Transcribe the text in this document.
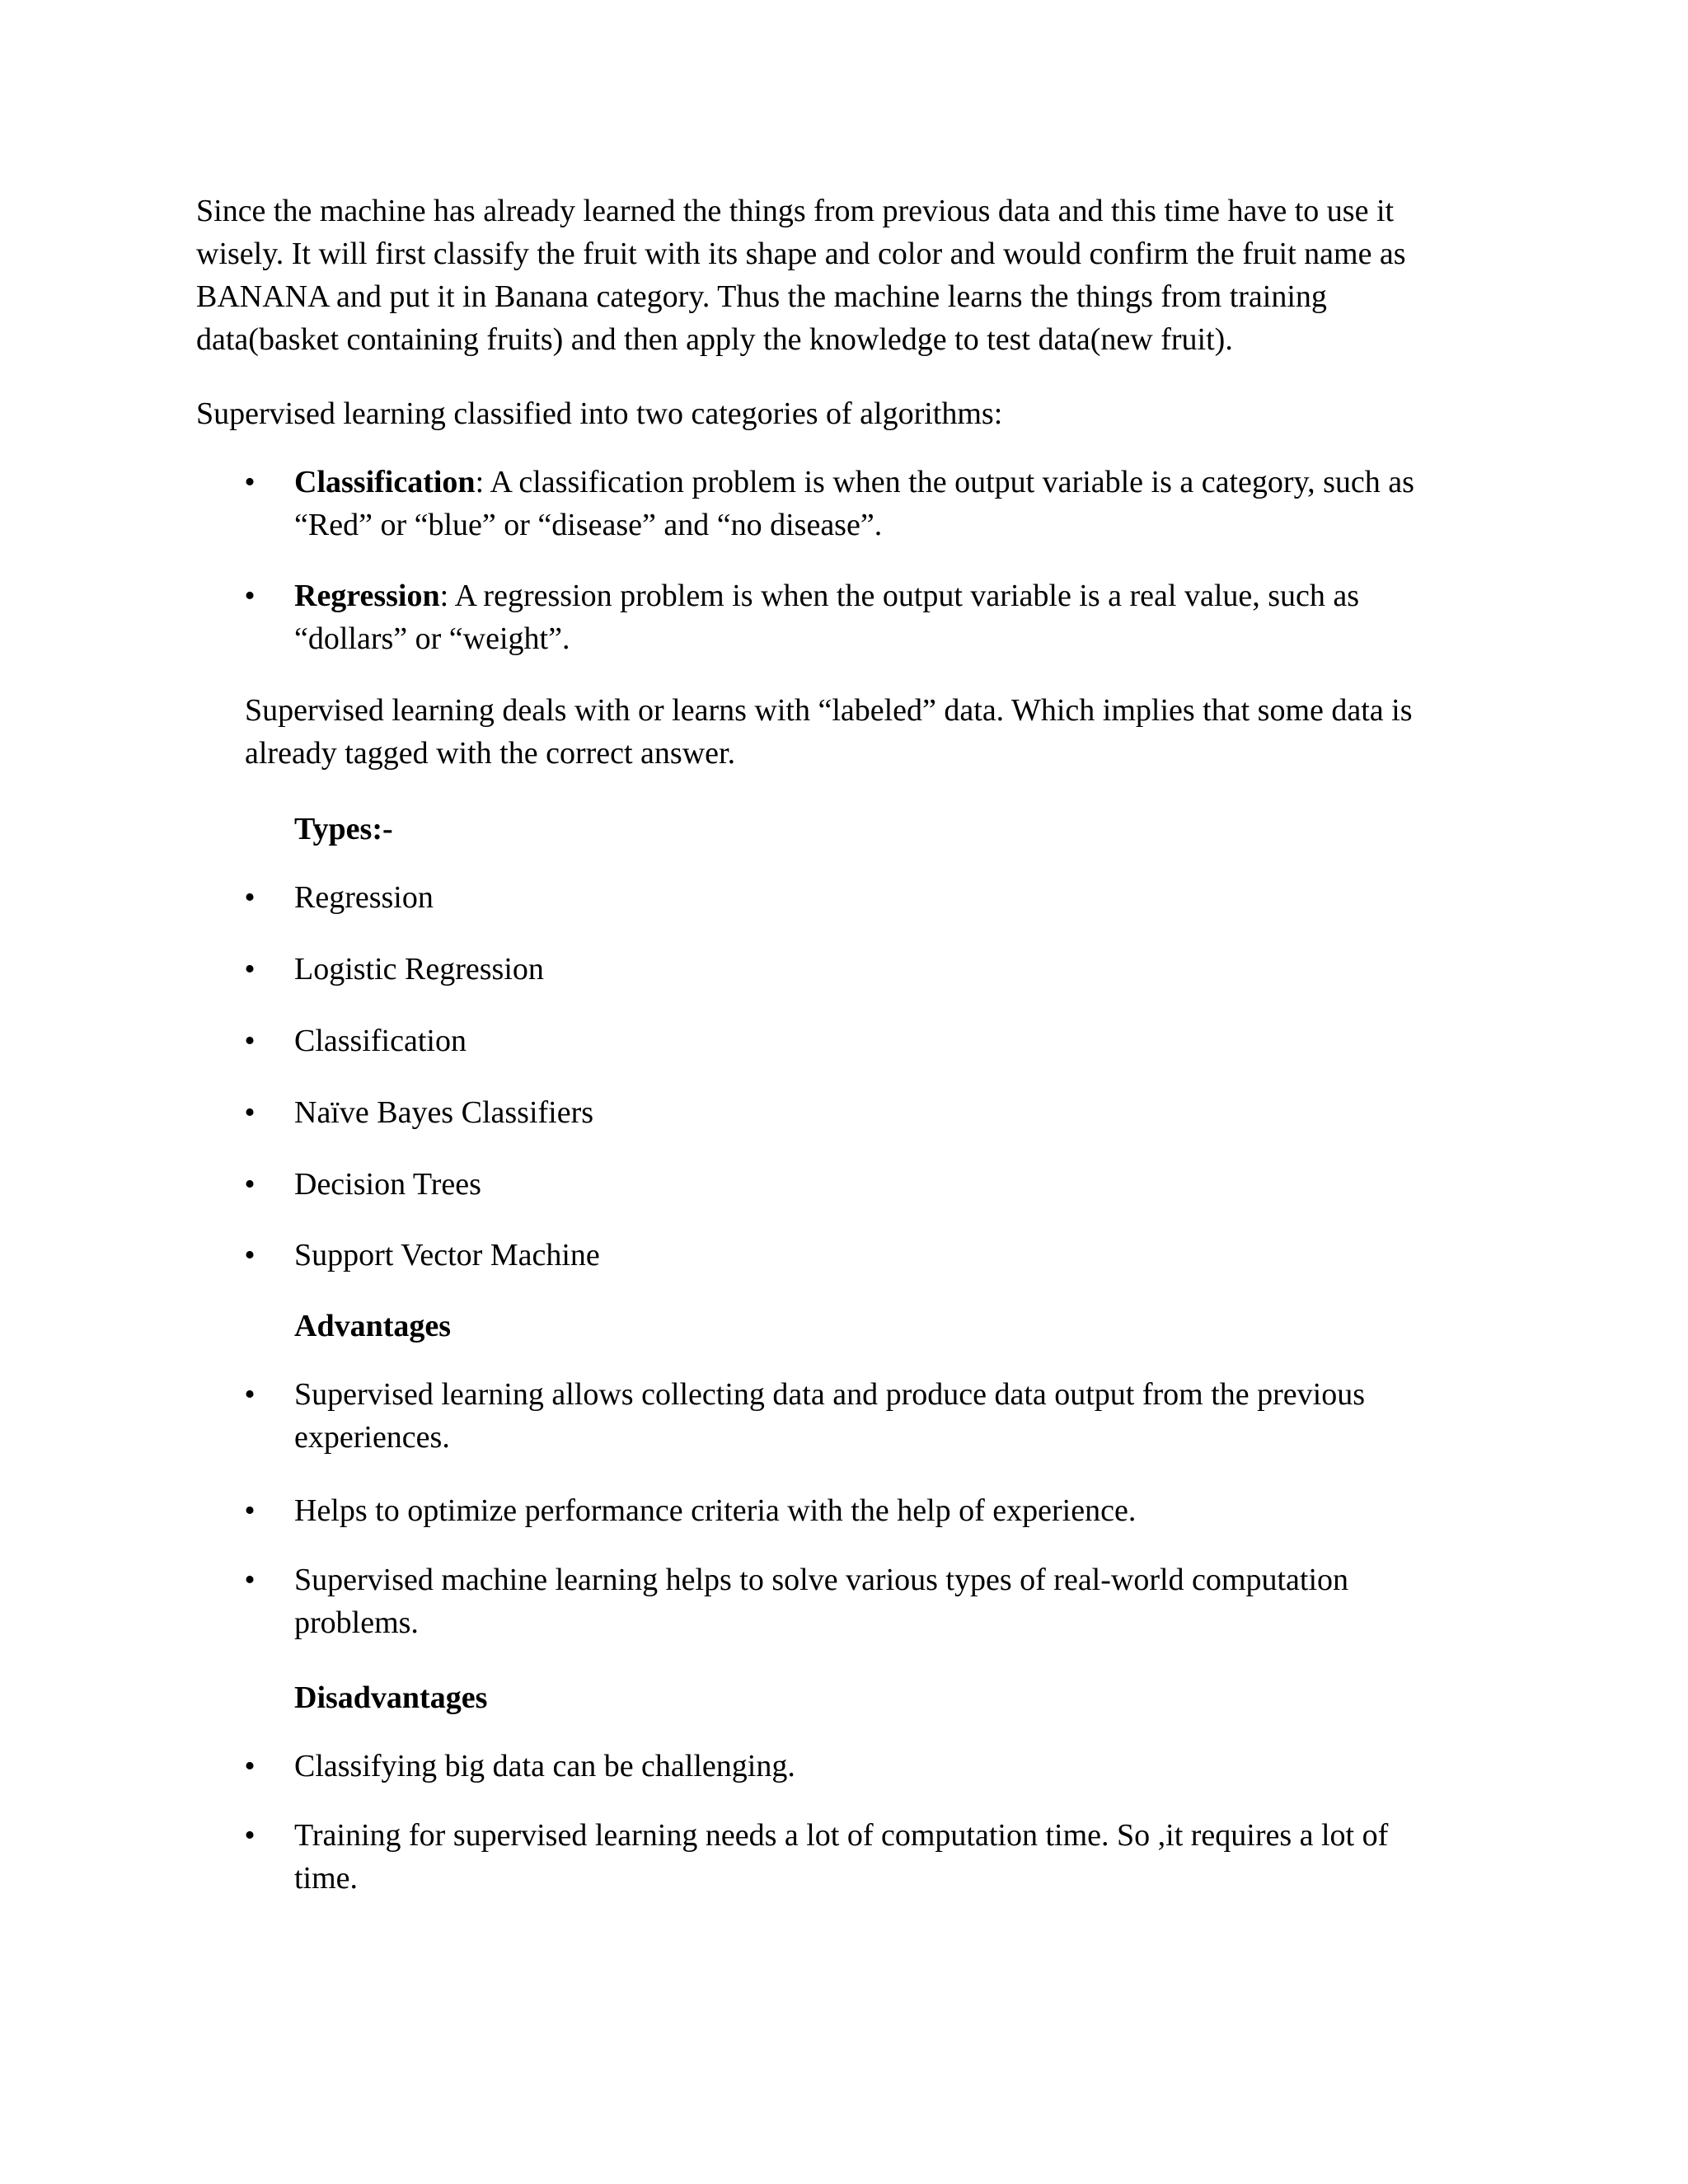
Since the machine has already learned the things from previous data and this time have to use it
wisely. It will first classify the fruit with its shape and color and would confirm the fruit name as
BANANA and put it in Banana category. Thus the machine learns the things from training
data(basket containing fruits) and then apply the knowledge to test data(new fruit).

Supervised learning classified into two categories of algorithms:

• Classification: A classification problem is when the output variable is a category, such as
“Red” or “blue” or “disease” and “no disease”.

• Regression: A regression problem is when the output variable is a real value, such as
“dollars” or “weight”.

Supervised learning deals with or learns with “labeled” data. Which implies that some data is
already tagged with the correct answer.

Types:-

• Regression

• Logistic Regression

• Classification

• Naïve Bayes Classifiers

• Decision Trees

• Support Vector Machine

Advantages

• Supervised learning allows collecting data and produce data output from the previous
experiences.

• Helps to optimize performance criteria with the help of experience.

• Supervised machine learning helps to solve various types of real-world computation
problems.

Disadvantages

• Classifying big data can be challenging.

• Training for supervised learning needs a lot of computation time. So ,it requires a lot of
time.
